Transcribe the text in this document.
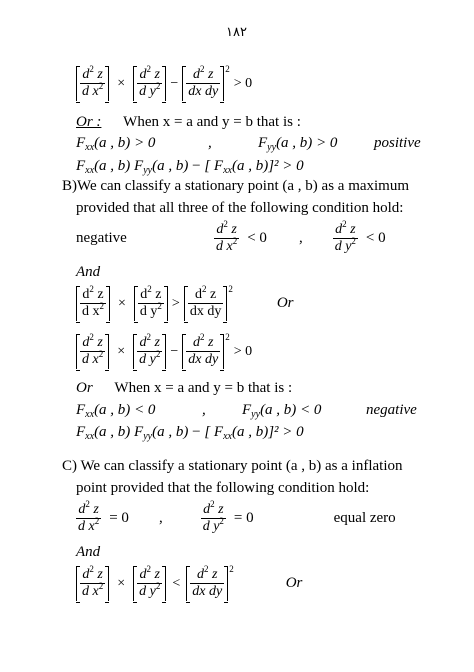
١٨٢
$\frac{d^2 z}{d x^2} \times \frac{d^2 z}{d y^2} - \frac{d^2 z}{\text{dx dy}} 2$
> 0
Or : When x = a and y = b that is :
$F_{xx}(a$ , b) > 0	,	$F_{yy}(a$ , b) > 0 positive
$F_{xx}(a$ , b) $F_{yy}(a$ , b) − [ $F_{xx}(a$ , b)]² > 0
B)We can classify a stationary point (a , b) as a maximum
provided that all three of the following condition hold:
negative	$\frac{d^2 z}{d x^2} < 0$ , $\frac{d^2 z}{d y^2} < 0$
And
$\frac{d^2 z}{d x^2} \times \frac{d^2 z}{d y^2} > \frac{d^2 z}{\text{dx dy}} 2$
Or
$\frac{d^2 z}{d x^2} \times \frac{d^2 z}{d y^2} - \frac{d^2 z}{\text{dx dy}} 2$
> 0
Or When x = a and y = b that is :
$F_{xx}(a$ , b) < 0	, $F_{yy}(a$ , b) < 0	negative
$F_{xx}(a$ , b) $F_{yy}(a$ , b) − [ $F_{xx}(a$ , b)]² > 0
C) We can classify a stationary point (a , b) as a inflation
point provided that the following condition hold:
$\frac{d^2 z}{d x^2} = 0$ ,	$\frac{d^2 z}{d y^2} = 0$	equal zero
And
$\frac{d^2 z}{d x^2} \times \frac{d^2 z}{d y^2} < \frac{d^2 z}{\text{dx dy}} 2$
Or
